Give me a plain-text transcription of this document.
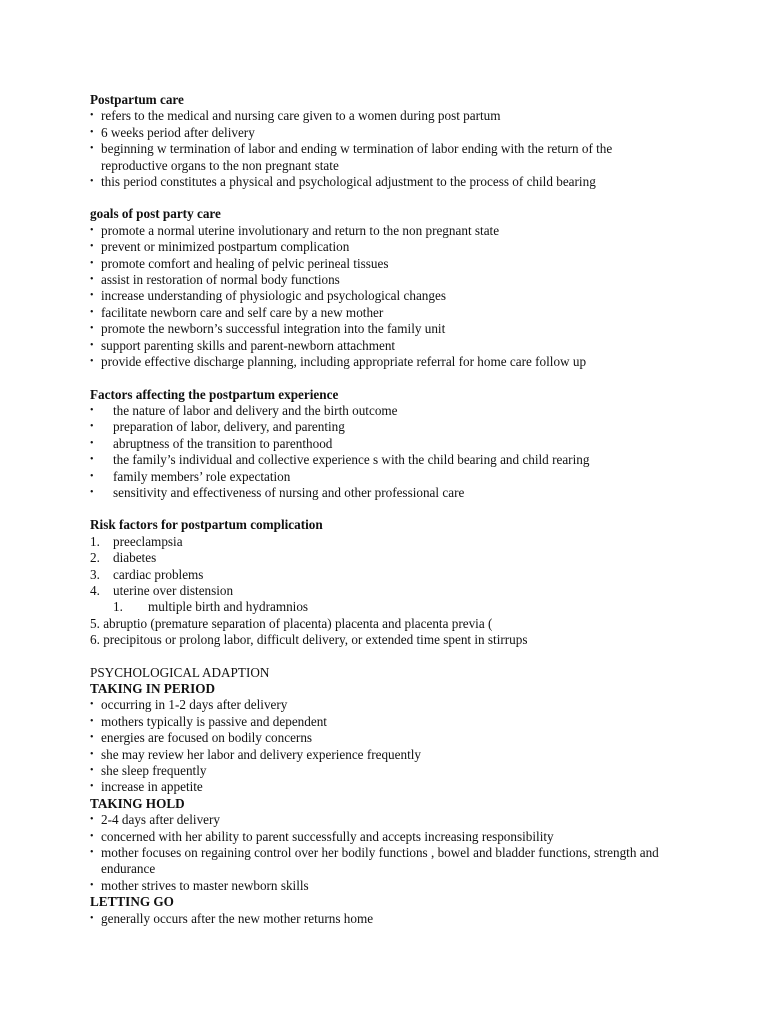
Postpartum care

• refers to the medical and nursing care given to a women during post partum
• 6 weeks period after delivery
• beginning w termination of labor and ending w termination of labor ending with the return of the reproductive organs to the non pregnant state
• this period constitutes a physical and psychological adjustment to the process of child bearing

goals of post party care

• promote a normal uterine involutionary and return to the non pregnant state
• prevent or minimized postpartum complication
• promote comfort and healing of pelvic perineal tissues
• assist in restoration of normal body functions
• increase understanding of physiologic and psychological changes
• facilitate newborn care and self care by a new mother
• promote the newborn’s successful integration into the family unit
• support parenting skills and parent-newborn attachment
• provide effective discharge planning, including appropriate referral for home care follow up

Factors affecting the postpartum experience

• the nature of labor and delivery and the birth outcome
• preparation of labor, delivery, and parenting
• abruptness of the transition to parenthood
• the family’s individual and collective experience s with the child bearing and child rearing
• family members’ role expectation
• sensitivity and effectiveness of nursing and other professional care

Risk factors for postpartum complication

1. preeclampsia
2. diabetes
3. cardiac problems
4. uterine over distension
1. multiple birth and hydramnios
5. abruptio (premature separation of placenta) placenta and placenta previa (
6. precipitous or prolong labor, difficult delivery, or extended time spent in stirrups

PSYCHOLOGICAL ADAPTION

TAKING IN PERIOD

• occurring in 1-2 days after delivery
• mothers typically is passive and dependent
• energies are focused on bodily concerns
• she may review her labor and delivery experience frequently
• she sleep frequently
• increase in appetite

TAKING HOLD

• 2-4 days after delivery
• concerned with her ability to parent successfully and accepts increasing responsibility
• mother focuses on regaining control over her bodily functions , bowel and bladder functions, strength and endurance
• mother strives to master newborn skills

LETTING GO

• generally occurs after the new mother returns home
